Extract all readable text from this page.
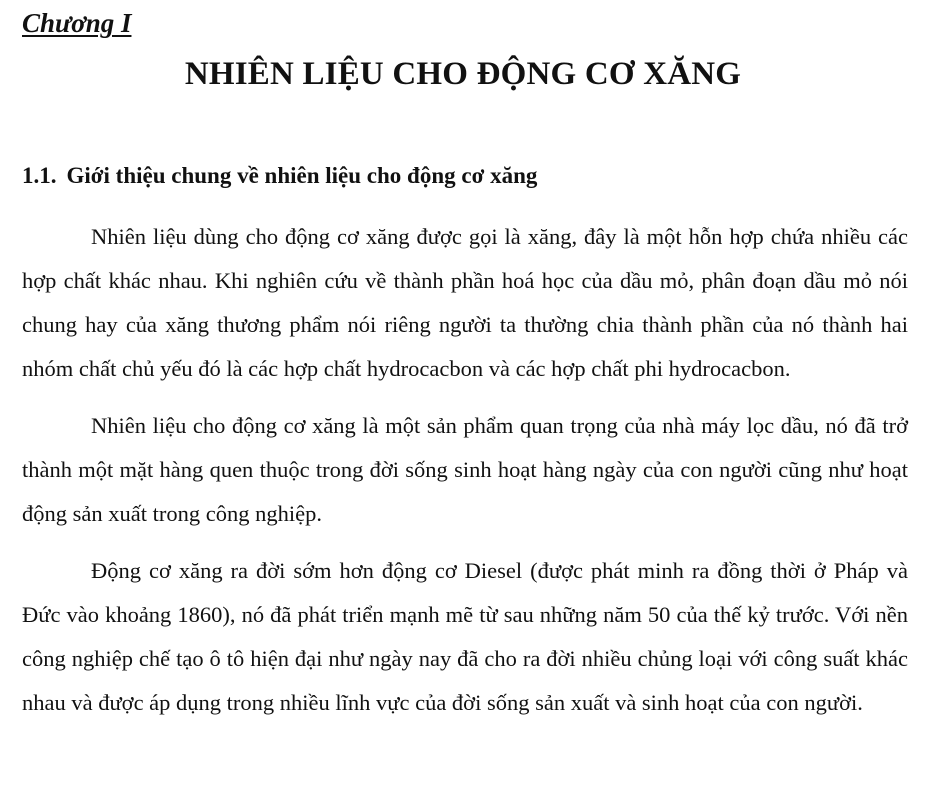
Chương I
NHIÊN LIỆU CHO ĐỘNG CƠ XĂNG
1.1. Giới thiệu chung về nhiên liệu cho động cơ xăng

Nhiên liệu dùng cho động cơ xăng được gọi là xăng, đây là một hỗn hợp chứa nhiều các hợp chất khác nhau. Khi nghiên cứu về thành phần hoá học của dầu mỏ, phân đoạn dầu mỏ nói chung hay của xăng thương phẩm nói riêng người ta thường chia thành phần của nó thành hai nhóm chất chủ yếu đó là các hợp chất hydrocacbon và các hợp chất phi hydrocacbon.

Nhiên liệu cho động cơ xăng là một sản phẩm quan trọng của nhà máy lọc dầu, nó đã trở thành một mặt hàng quen thuộc trong đời sống sinh hoạt hàng ngày của con người cũng như hoạt động sản xuất trong công nghiệp.

Động cơ xăng ra đời sớm hơn động cơ Diesel (được phát minh ra đồng thời ở Pháp và Đức vào khoảng 1860), nó đã phát triển mạnh mẽ từ sau những năm 50 của thế kỷ trước. Với nền công nghiệp chế tạo ô tô hiện đại như ngày nay đã cho ra đời nhiều chủng loại với công suất khác nhau và được áp dụng trong nhiều lĩnh vực của đời sống sản xuất và sinh hoạt của con người.
